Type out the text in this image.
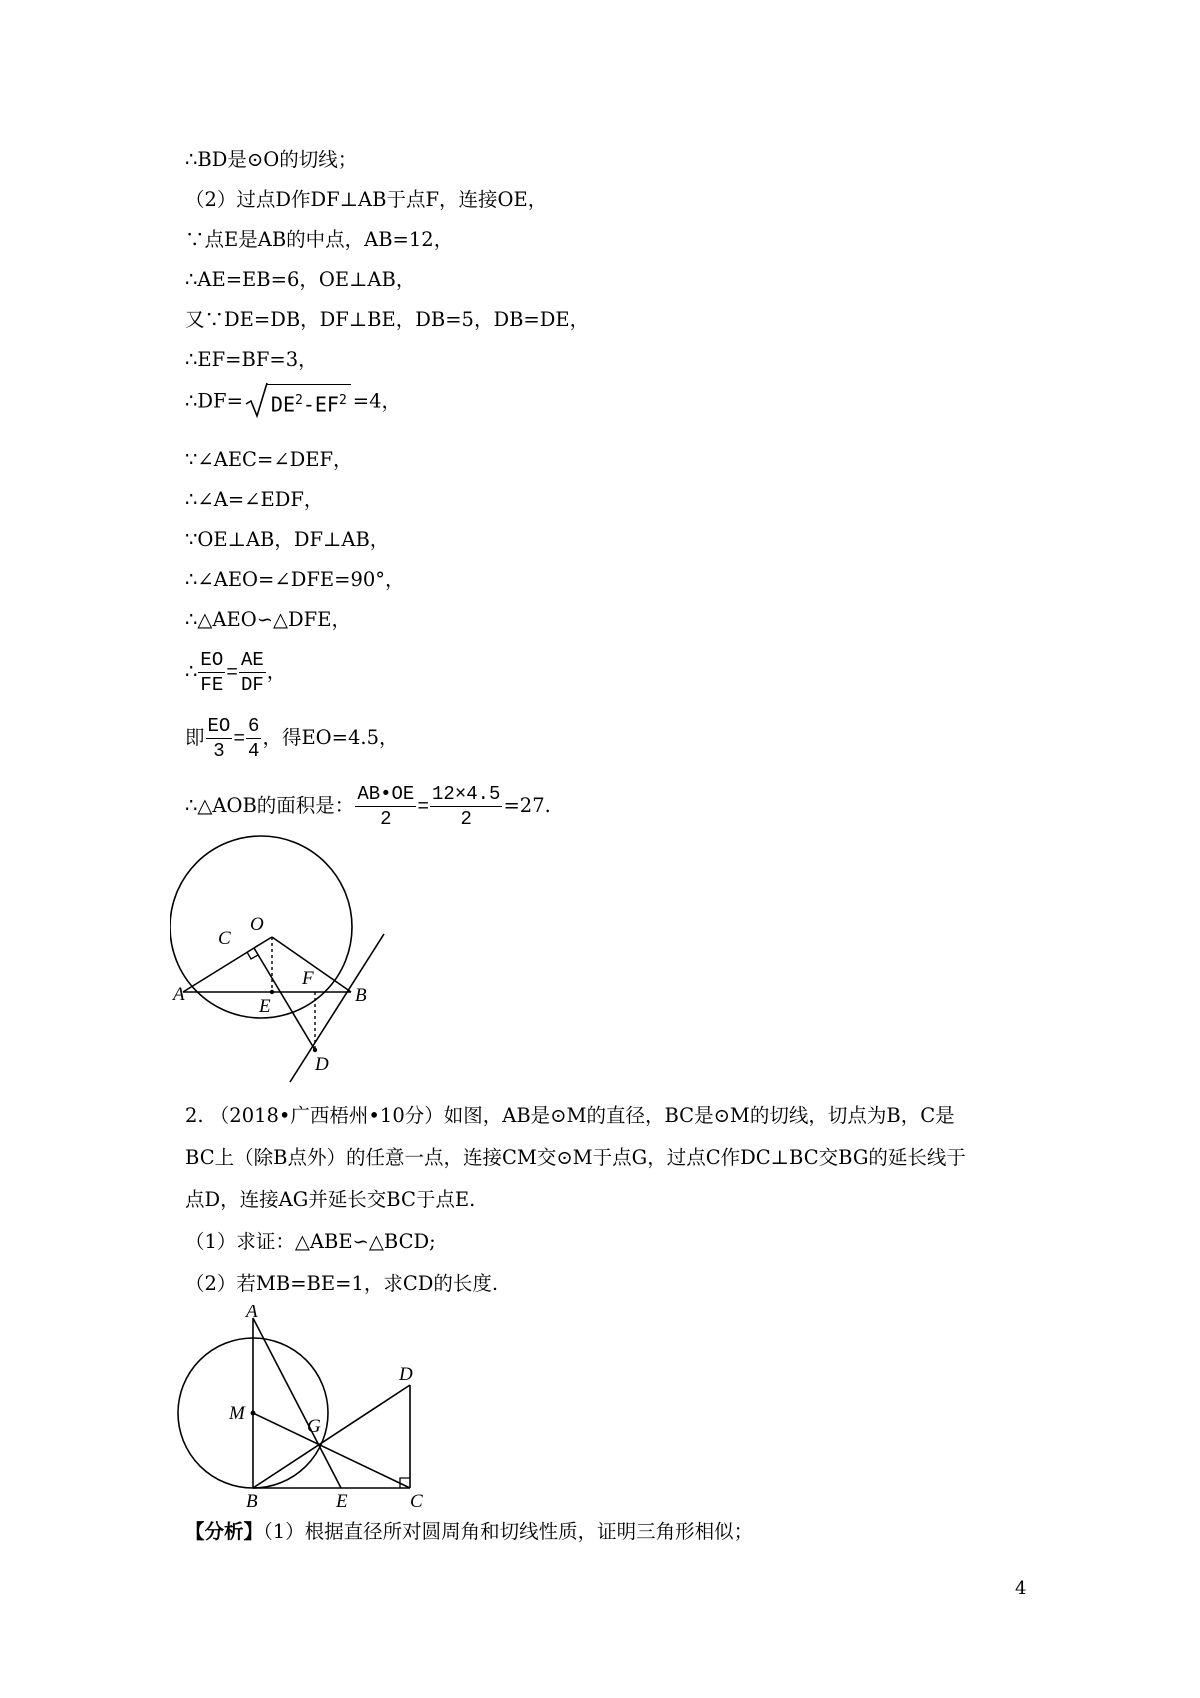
∴BD是⊙O的切线；
（2）过点D作DF⊥AB于点F，连接OE，
∵点E是AB的中点，AB=12，
∴AE=EB=6，OE⊥AB，
又∵DE=DB，DF⊥BE，DB=5，DB=DE，
∴EF=BF=3，
∴DF= $DE^2-EF^2 =4$，
∵∠AEC=∠DEF，
∴∠A=∠EDF，
∵OE⊥AB，DF⊥AB，
∴∠AEO=∠DFE=90°，
∴△AEO∽△DFE，
∴ $\frac{EO}{FE} = \frac{AE}{DF}$ ，
即 $\frac{EO}{3} = \frac{6}{4}$ ，得EO=4.5，
∴△AOB的面积是： $\frac{AB•OE}{2} = \frac{12\times 4.5}{2} =27$.
O
C
F
A
E
B
D
2. （2018•广西梧州•10分）如图，AB是⊙M的直径，BC是⊙M的切线，切点为B，C是
BC上（除B点外）的任意一点，连接CM交⊙M于点G，过点C作DC⊥BC交BG的延长线于
点D，连接AG并延长交BC于点E.
（1）求证：△ABE∽△BCD;
（2）若MB=BE=1，求CD的长度.
A
M
G
D
B	E	C
【分析】（1）根据直径所对圆周角和切线性质，证明三角形相似；
4
